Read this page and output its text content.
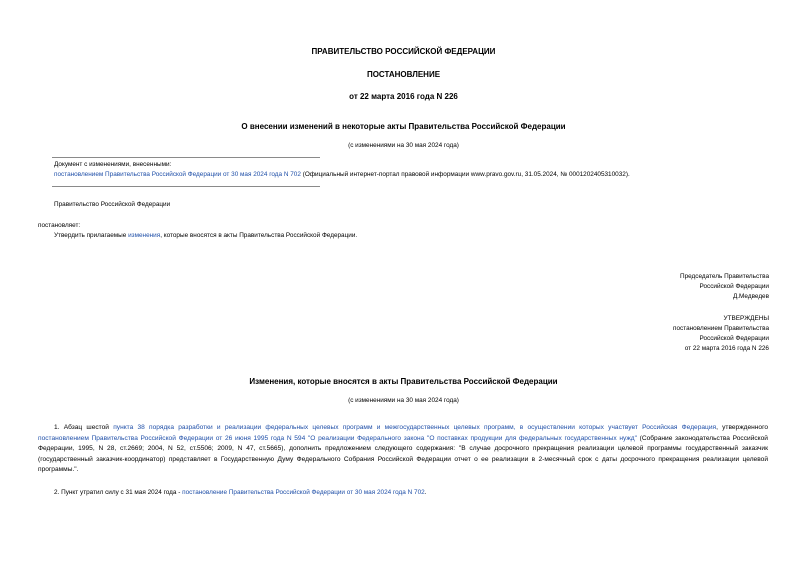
ПРАВИТЕЛЬСТВО РОССИЙСКОЙ ФЕДЕРАЦИИ
ПОСТАНОВЛЕНИЕ
от 22 марта 2016 года N 226
О внесении изменений в некоторые акты Правительства Российской Федерации
(с изменениями на 30 мая 2024 года)
Документ с изменениями, внесенными:
постановлением Правительства Российской Федерации от 30 мая 2024 года N 702 (Официальный интернет-портал правовой информации www.pravo.gov.ru, 31.05.2024, № 0001202405310032).
Правительство Российской Федерации
постановляет:
Утвердить прилагаемые изменения, которые вносятся в акты Правительства Российской Федерации.
Председатель Правительства
Российской Федерации
Д.Медведев
УТВЕРЖДЕНЫ
постановлением Правительства
Российской Федерации
от 22 марта 2016 года N 226
Изменения, которые вносятся в акты Правительства Российской Федерации
(с изменениями на 30 мая 2024 года)
1. Абзац шестой пункта 38 порядка разработки и реализации федеральных целевых программ и межгосударственных целевых программ, в осуществлении которых участвует Российская Федерация, утвержденного постановлением Правительства Российской Федерации от 26 июня 1995 года N 594 "О реализации Федерального закона "О поставках продукции для федеральных государственных нужд" (Собрание законодательства Российской Федерации, 1995, N 28, ст.2669; 2004, N 52, ст.5506; 2009, N 47, ст.5665), дополнить предложением следующего содержания: "В случае досрочного прекращения реализации целевой программы государственный заказчик (государственный заказчик-координатор) представляет в Государственную Думу Федерального Собрания Российской Федерации отчет о ее реализации в 2-месячный срок с даты досрочного прекращения реализации целевой программы.".
2. Пункт утратил силу с 31 мая 2024 года - постановление Правительства Российской Федерации от 30 мая 2024 года N 702.
